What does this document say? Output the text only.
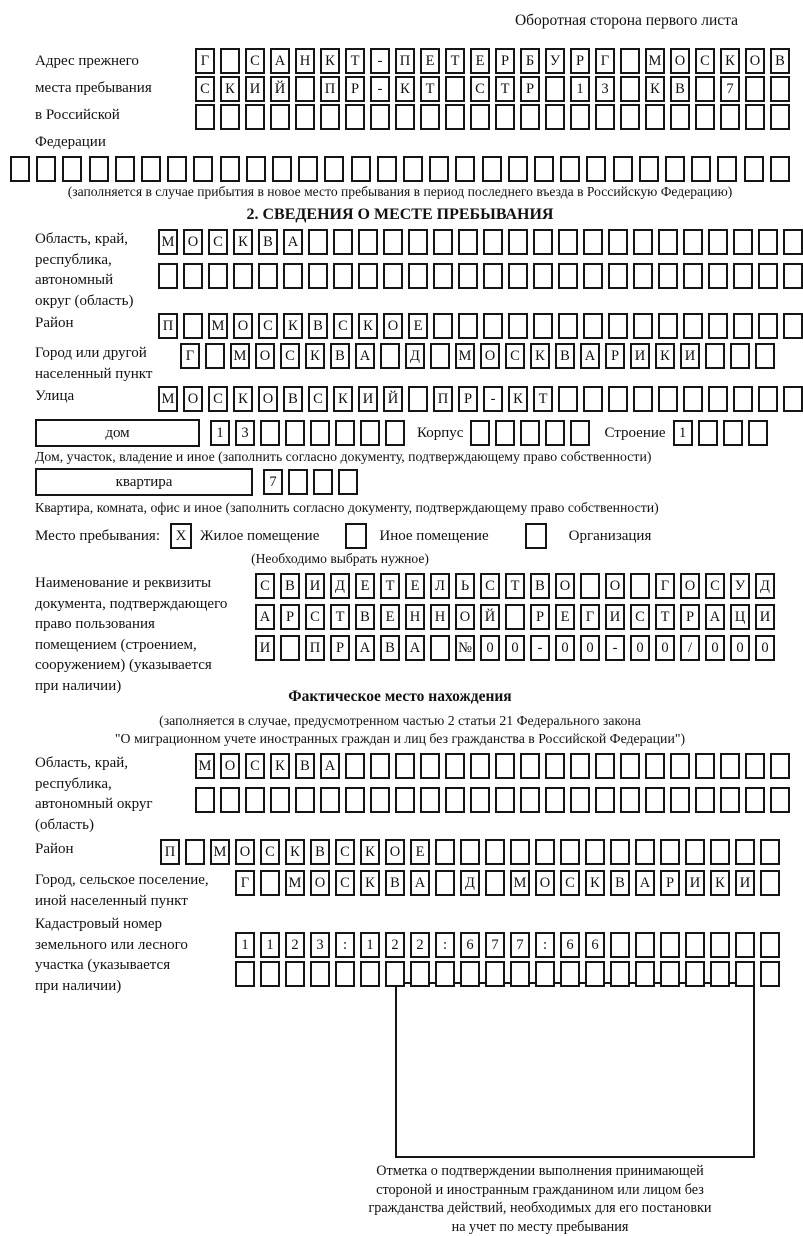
Оборотная сторона первого листа
Адрес прежнего
места пребывания
в Российской
Федерации
Г	С	А	Н	К	Т	-	П	Е	Т	Е	Р	Б	У	Р	Г	М О	С	К	О	В
С	К	И	Й	П	Р	-	К	Т	С	Т	Р	1	3	К	В	7
(заполняется в случае прибытия в новое место пребывания в период последнего въезда в Российскую Федерацию)
2. СВЕДЕНИЯ О МЕСТЕ ПРЕБЫВАНИЯ
Область, край,
республика,
автономный
округ (область)
М О	С	К	В	А
Район	П	М О	С	К	В	С	К	О	Е
Город или другой
населенный пункт
Г	М О	С	К	В	А	Д	М О	С	К	В	А	Р	И	К	И
Улица	М О	С	К	О	В	С	К	И	Й	П	Р	-	К	Т
дом	1	3	Корпус	Строение 1
Дом, участок, владение и иное (заполнить согласно документу, подтверждающему право собственности)
квартира	7
Квартира, комната, офис и иное (заполнить согласно документу, подтверждающему право собственности)
Место пребывания:	X Жилое помещение	Иное помещение	Организация
(Необходимо выбрать нужное)
Наименование и реквизиты
документа, подтверждающего
право пользования
помещением (строением,
сооружением) (указывается
при наличии)
С	В	И	Д	Е	Т	Е	Л	Ь	С	Т	В	О	О	Г	О	С	У	Д
А	Р	С	Т	В	Е	Н	Н	О	Й	Р	Е	Г	И	С	Т	Р	А	Ц	И
И	П	Р	А	В	А	№ 0	0	-	0	0	-	0	0	/	0	0	0
Фактическое место нахождения
(заполняется в случае, предусмотренном частью 2 статьи 21 Федерального закона
"О миграционном учете иностранных граждан и лиц без гражданства в Российской Федерации")
Область, край,
республика,
автономный округ
(область)
М О	С	К	В	А
Район	П	М О	С	К	В	С	К	О	Е
Город, сельское поселение,
иной населенный пункт
Г	М О	С	К	В	А	Д	М О	С	К	В	А	Р	И	К	И
Кадастровый номер
земельного или лесного
участка (указывается
при наличии)
1	1	2	3	:	1	2	2	:	6	7	7	:	6	6
Отметка о подтверждении выполнения принимающей
стороной и иностранным гражданином или лицом без
гражданства действий, необходимых для его постановки
на учет по месту пребывания
